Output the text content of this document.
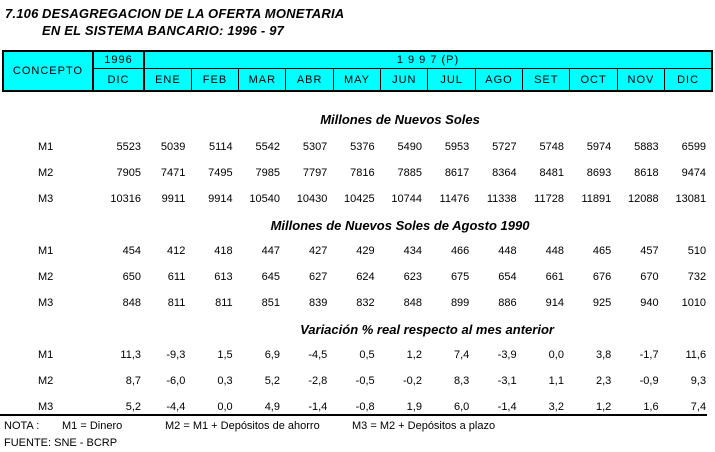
7.106 DESAGREGACION DE LA OFERTA MONETARIA
EN EL SISTEMA BANCARIO: 1996 - 97
CONCEPTO	1996	1 9 9 7 (P)											
	DIC	ENE	FEB	MAR	ABR	MAY	JUN	JUL	AGO	SET	OCT	NOV	DIC
Millones de Nuevos Soles													

M1	5523	5039	5114	5542	5307	5376	5490	5953	5727	5748	5974	5883	6599
M2	7905	7471	7495	7985	7797	7816	7885	8617	8364	8481	8693	8618	9474
M3	10316	9911	9914	10540	10430	10425	10744	11476	11338	11728	11891	12088	13081

Millones de Nuevos Soles de Agosto 1990													

M1	454	412	418	447	427	429	434	466	448	448	465	457	510
M2	650	611	613	645	627	624	623	675	654	661	676	670	732
M3	848	811	811	851	839	832	848	899	886	914	925	940	1010

Variación % real respecto al mes anterior													

M1	11,3	-9,3	1,5	6,9	-4,5	0,5	1,2	7,4	-3,9	0,0	3,8	-1,7	11,6
M2	8,7	-6,0	0,3	5,2	-2,8	-0,5	-0,2	8,3	-3,1	1,1	2,3	-0,9	9,3
M3	5,2	-4,4	0,0	4,9	-1,4	-0,8	1,9	6,0	-1,4	3,2	1,2	1,6	7,4
NOTA : M1 = Dinero	M2 = M1 + Depósitos de ahorro	M3 = M2 + Depósitos a plazo
FUENTE: SNE - BCRP
